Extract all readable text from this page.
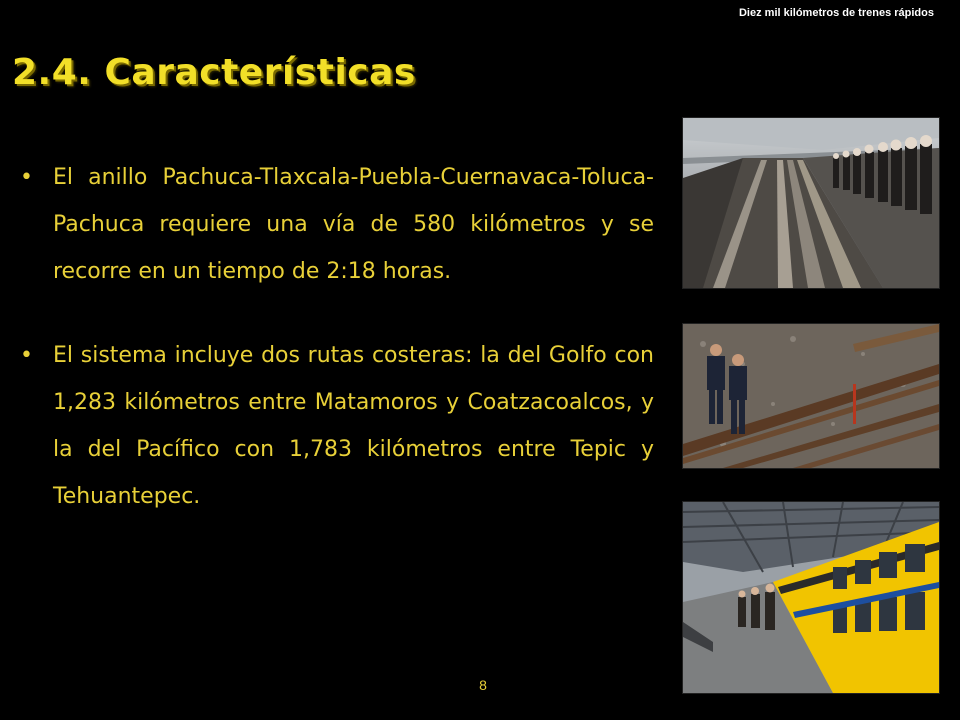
Diez mil kilómetros de trenes rápidos
2.4. Características
• El anillo Pachuca-Tlaxcala-Puebla-Cuernavaca-Toluca-Pachuca requiere una vía de 580 kilómetros y se recorre en un tiempo de 2:18 horas.
• El sistema incluye dos rutas costeras: la del Golfo con 1,283 kilómetros entre Matamoros y Coatzacoalcos, y la del Pacífico con 1,783 kilómetros entre Tepic y Tehuantepec.
8
